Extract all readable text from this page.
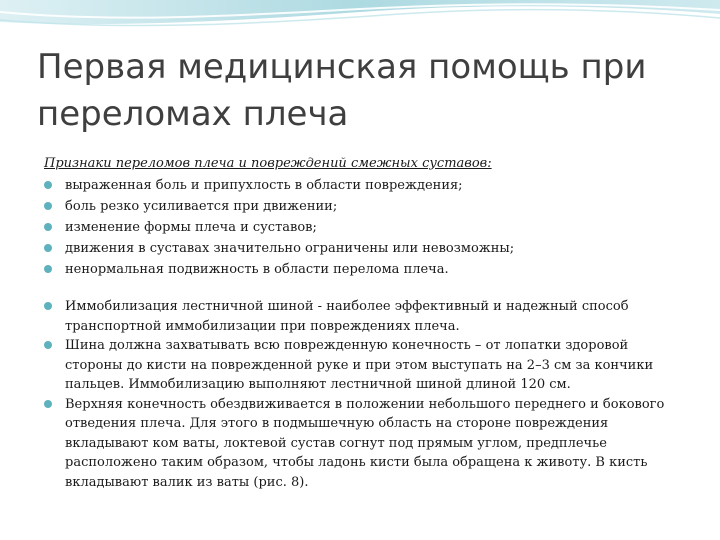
Первая медицинская помощь при переломах плеча

Признаки переломов плеча и повреждений смежных суставов:

выраженная боль и припухлость в области повреждения;
боль резко усиливается при движении;
изменение формы плеча и суставов;
движения в суставах значительно ограничены или невозможны;
ненормальная подвижность в области перелома плеча.
Иммобилизация лестничной шиной - наиболее эффективный и надежный способ транспортной иммобилизации при повреждениях плеча.
Шина должна захватывать всю поврежденную конечность – от лопатки здоровой стороны до кисти на поврежденной руке и при этом выступать на 2–3 см за кончики пальцев. Иммобилизацию выполняют лестничной шиной длиной 120 см.
Верхняя конечность обездвиживается в положении небольшого переднего и бокового отведения плеча. Для этого в подмышечную область на стороне повреждения вкладывают ком ваты, локтевой сустав согнут под прямым углом, предплечье расположено таким образом, чтобы ладонь кисти была обращена к животу. В кисть вкладывают валик из ваты (рис. 8).
